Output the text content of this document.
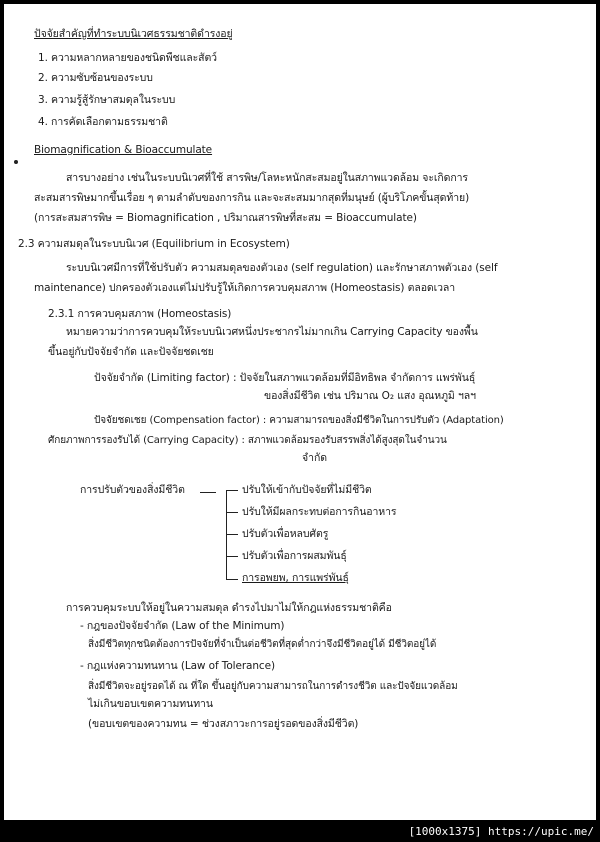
ปัจจัยสำคัญที่ทำระบบนิเวศธรรมชาติดำรงอยู่
1. ความหลากหลายของชนิดพืชและสัตว์
2. ความซับซ้อนของระบบ
3. ความรู้สู้รักษาสมดุลในระบบ
4. การคัดเลือกตามธรรมชาติ
Biomagnification & Bioaccumulate
สารบางอย่าง เช่นในระบบนิเวศที่ใช้ สารพิษ/โลหะหนักสะสมอยู่ในสภาพแวดล้อม จะเกิดการ
สะสมสารพิษมากขึ้นเรื่อย ๆ ตามลำดับของการกิน และจะสะสมมากสุดที่มนุษย์ (ผู้บริโภคขั้นสุดท้าย)
(การสะสมสารพิษ = Biomagnification , ปริมาณสารพิษที่สะสม = Bioaccumulate)
2.3 ความสมดุลในระบบนิเวศ (Equilibrium in Ecosystem)
ระบบนิเวศมีการที่ใช้ปรับตัว ความสมดุลของตัวเอง (self regulation) และรักษาสภาพตัวเอง (self
maintenance) ปกครองตัวเองแต่ไม่ปรับรู้ให้เกิดการควบคุมสภาพ (Homeostasis) ตลอดเวลา
2.3.1 การควบคุมสภาพ (Homeostasis)
หมายความว่าการควบคุมให้ระบบนิเวศหนึ่งประชากรไม่มากเกิน Carrying Capacity ของพื้น
ขึ้นอยู่กับปัจจัยจำกัด และปัจจัยชดเชย
ปัจจัยจำกัด (Limiting factor) : ปัจจัยในสภาพแวดล้อมที่มีอิทธิพล จำกัดการ แพร่พันธุ์
ของสิ่งมีชีวิต เช่น ปริมาณ O₂ แสง อุณหภูมิ ฯลฯ
ปัจจัยชดเชย (Compensation factor) : ความสามารถของสิ่งมีชีวิตในการปรับตัว (Adaptation)
ศักยภาพการรองรับได้ (Carrying Capacity) : สภาพแวดล้อมรองรับสรรพสิ่งได้สูงสุดในจำนวน
จำกัด
การปรับตัวของสิ่งมีชีวิต	ปรับให้เข้ากับปัจจัยที่ไม่มีชีวิต
ปรับให้มีผลกระทบต่อการกินอาหาร
ปรับตัวเพื่อหลบศัตรู
ปรับตัวเพื่อการผสมพันธุ์
การอพยพ, การแพร่พันธุ์
การควบคุมระบบให้อยู่ในความสมดุล ดำรงไปมาไม่ให้กฎแห่งธรรมชาติคือ
- กฎของปัจจัยจำกัด (Law of the Minimum)
สิ่งมีชีวิตทุกชนิดต้องการปัจจัยที่จำเป็นต่อชีวิตที่สุดต่ำกว่าจึงมีชีวิตอยู่ได้ มีชีวิตอยู่ได้
- กฎแห่งความทนทาน (Law of Tolerance)
สิ่งมีชีวิตจะอยู่รอดได้ ณ ที่ใด ขึ้นอยู่กับความสามารถในการดำรงชีวิต และปัจจัยแวดล้อม
ไม่เกินขอบเขตความทนทาน
(ขอบเขตของความทน = ช่วงสภาวะการอยู่รอดของสิ่งมีชีวิต)
[1000x1375] https://upic.me/
